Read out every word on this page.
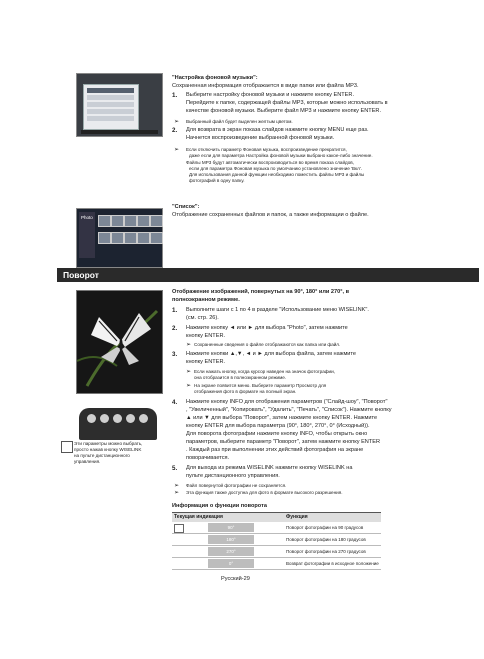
"Настройка фоновой музыки":
Сохраненная информация отображается в виде папки или файла MP3.
1. Выберите настройку фоновой музыки и нажмите кнопку ENTER.
Перейдите к папке, содержащей файлы MP3, которые можно использовать в
качестве фоновой музыки. Выберите файл MP3 и нажмите кнопку ENTER.
➢ Выбранный файл будет выделен желтым цветом.
2. Для возврата в экран показа слайдов нажмите кнопку MENU еще раз.
Начнется воспроизведение выбранной фоновой музыки.
➢ Если отключить параметр Фоновая музыка, воспроизведение прекратится,
даже если для параметра Настройка фоновой музыки выбрано какое-либо значение.
Файлы MP3 будут автоматически воспроизводиться во время показа слайдов,
если для параметра Фоновая музыка по умолчанию установлено значение 'Вкл'.
Для использования данной функции необходимо поместить файлы MP3 и файлы
фотографий в одну папку.
Photo
"Список":
Отображение сохраненных файлов и папок, а также информации о файле.
Поворот
Эти параметры можно выбрать,
просто нажав кнопку WISELINK
на пульте дистанционного
управления.
Отображение изображений, повернутых на 90°, 180° или 270°, в
полноэкранном режиме.
1. Выполните шаги с 1 по 4 в разделе "Использование меню WISELINK".
(см. стр. 26).
2. Нажмите кнопку ◄ или ► для выбора "Photo", затем нажмите
кнопку ENTER.
➢ Сохраненные сведения о файле отображаются как папка или файл.
3. Нажмите кнопки ▲,▼, ◄ и ► для выбора файла, затем нажмите
кнопку ENTER.
➢ Если нажать кнопку, когда курсор наведен на значок фотографии,
она отобразится в полноэкранном режиме.
➢ На экране появится меню. Выберите параметр Просмотр для
отображения фото в формате на полный экран.
4. Нажмите кнопку INFO для отображения параметров ("Слайд-шоу", "Поворот"
, "Увеличенный", "Копировать", "Удалить", "Печать", "Список"). Нажмите кнопку
▲ или ▼ для выбора "Поворот", затем нажмите кнопку ENTER. Нажмите
кнопку ENTER для выбора параметра (90°, 180°, 270°, 0° (Исходный)).
Для поворота фотографии нажмите кнопку INFO, чтобы открыть окно
параметров, выберите параметр "Поворот", затем нажмите кнопку ENTER
. Каждый раз при выполнении этих действий фотография на экране
поворачивается.
5. Для выхода из режима WISELINK нажмите кнопку WISELINK на
пульте дистанционного управления.
➢ Файл повернутой фотографии не сохраняется.
➢ Эта функция также доступна для фото в формате высокого разрешения.
Информация о функции поворота
Текущая индикация	Функция
90°	Поворот фотографии на 90 градусов
180°	Поворот фотографии на 180 градусов
270°	Поворот фотографии на 270 градусов
0°	Возврат фотографии в исходное положение
Русский-29
